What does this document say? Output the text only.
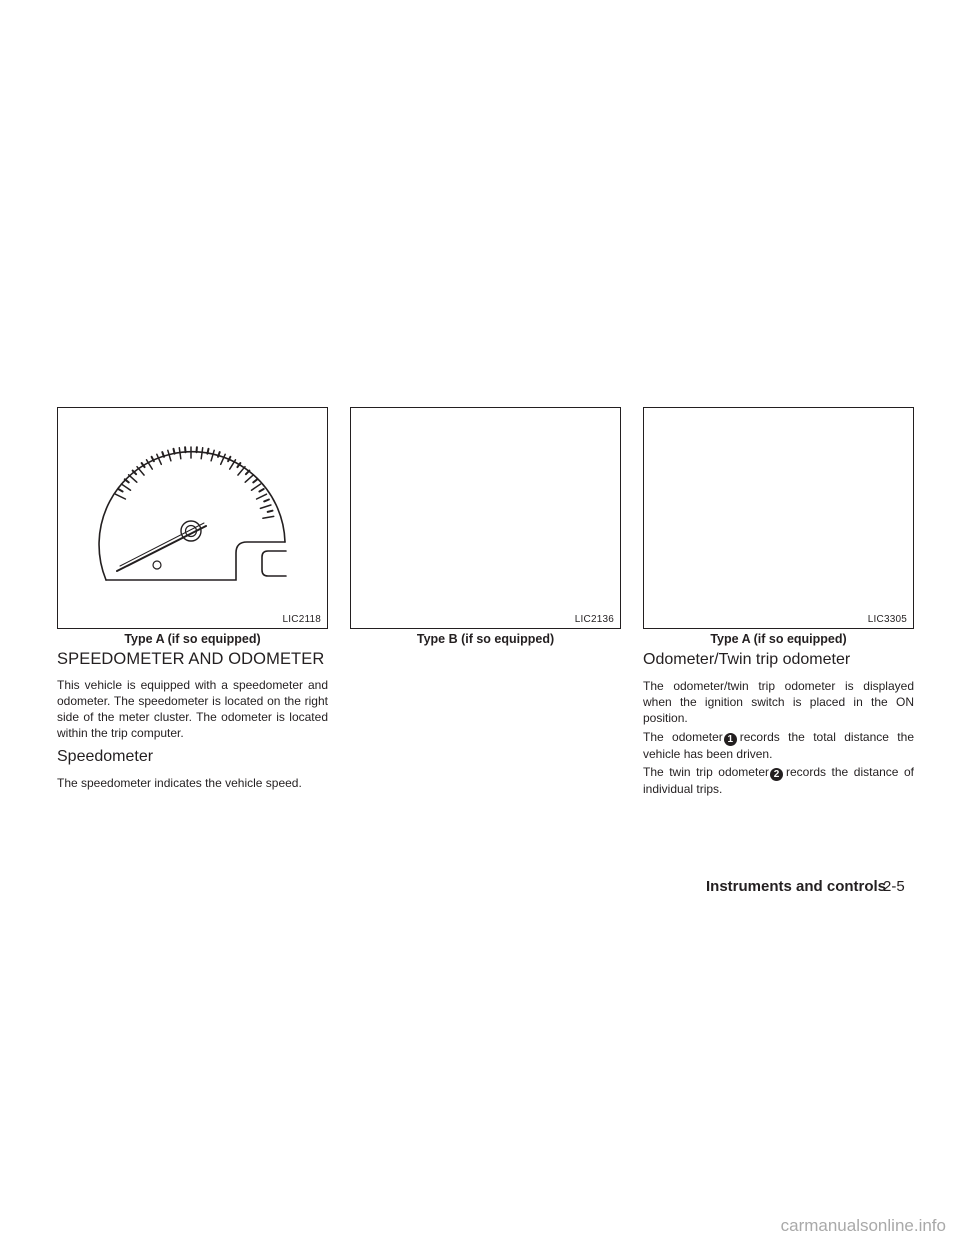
LIC2118	LIC2136	LIC3305
Type A (if so equipped)	Type B (if so equipped)	Type A (if so equipped)
SPEEDOMETER AND ODOMETER

This vehicle is equipped with a speedometer and odometer. The speedometer is located on the right side of the meter cluster. The odometer is located within the trip computer.

Speedometer

The speedometer indicates the vehicle speed.

Odometer/Twin trip odometer

The odometer/twin trip odometer is displayed when the ignition switch is placed in the ON position.

The odometer 1 records the total distance the vehicle has been driven.

The twin trip odometer 2 records the distance of individual trips.

Instruments and controls
2-5
carmanualsonline.info
